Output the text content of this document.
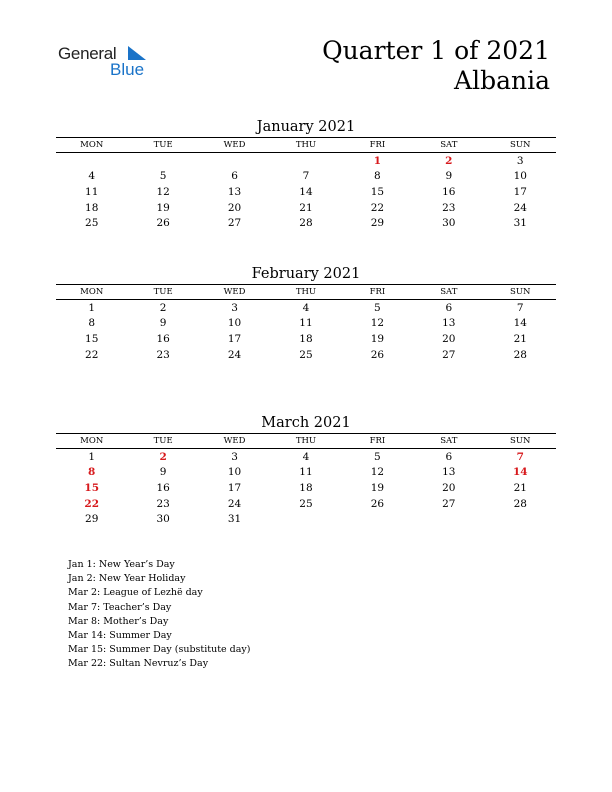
General
Blue
Quarter 1 of 2021
Albania
January 2021
MON	TUE	WED	THU	FRI	SAT	SUN
				1	2	3
4	5	6	7	8	9	10
11	12	13	14	15	16	17
18	19	20	21	22	23	24
25	26	27	28	29	30	31
February 2021
MON	TUE	WED	THU	FRI	SAT	SUN
1	2	3	4	5	6	7
8	9	10	11	12	13	14
15	16	17	18	19	20	21
22	23	24	25	26	27	28
March 2021
MON	TUE	WED	THU	FRI	SAT	SUN
1	2	3	4	5	6	7
8	9	10	11	12	13	14
15	16	17	18	19	20	21
22	23	24	25	26	27	28
29	30	31				
Jan 1: New Year’s Day
Jan 2: New Year Holiday
Mar 2: League of Lezhë day
Mar 7: Teacher’s Day
Mar 8: Mother’s Day
Mar 14: Summer Day
Mar 15: Summer Day (substitute day)
Mar 22: Sultan Nevruz’s Day
